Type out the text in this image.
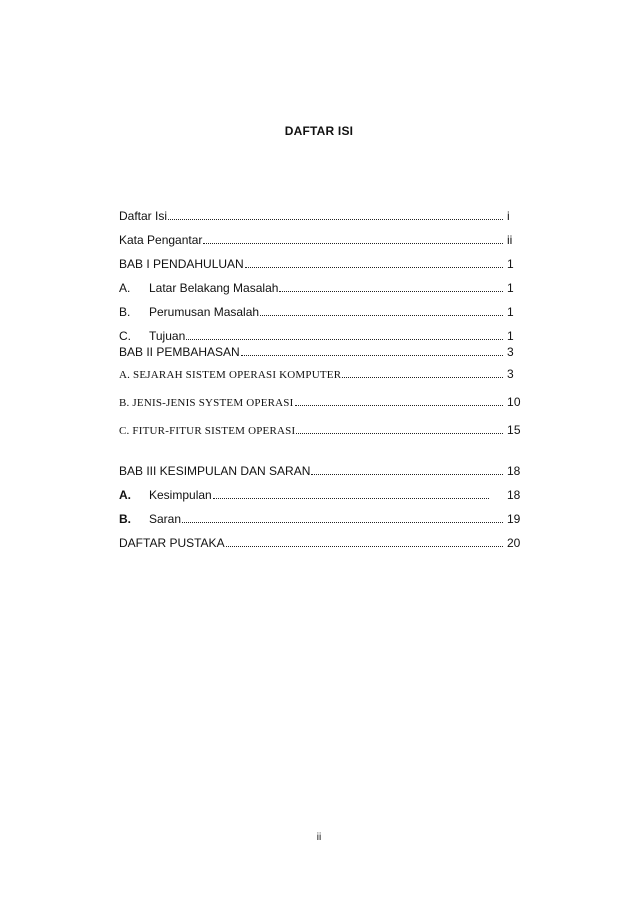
DAFTAR ISI
Daftar Isi	i
Kata Pengantar	ii
BAB I PENDAHULUAN	1
A.	Latar Belakang Masalah	1
B.	Perumusan Masalah	1
C.	Tujuan	1
BAB II PEMBAHASAN	3
A. SEJARAH SISTEM OPERASI KOMPUTER	3
B. JENIS-JENIS SYSTEM OPERASI	10
C. FITUR-FITUR SISTEM OPERASI	15
BAB III KESIMPULAN DAN SARAN	18
A.	Kesimpulan	18
B.	Saran	19
DAFTAR PUSTAKA	20
ii
